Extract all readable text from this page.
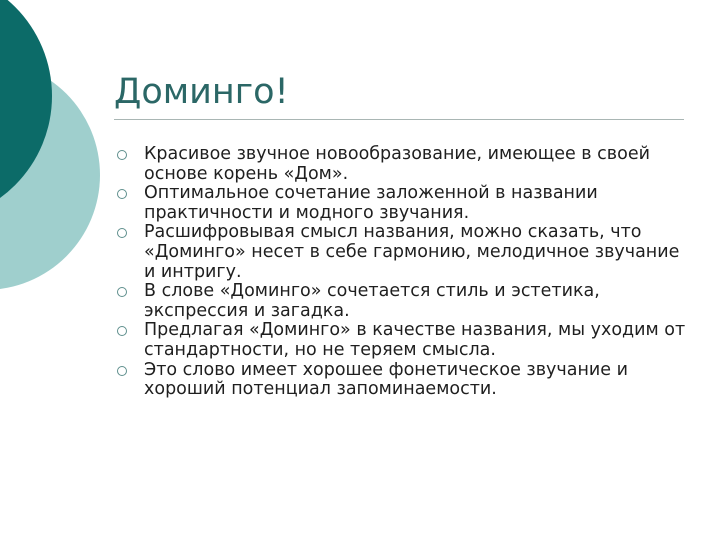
Доминго!
Красивое звучное новообразование, имеющее в своей основе корень «Дом».
Оптимальное сочетание заложенной в названии практичности и модного звучания.
Расшифровывая смысл названия, можно сказать, что «Доминго» несет в себе гармонию, мелодичное звучание и интригу.
В слове «Доминго» сочетается стиль и эстетика, экспрессия и загадка.
Предлагая «Доминго» в качестве названия, мы уходим от стандартности, но не теряем смысла.
Это слово имеет хорошее фонетическое звучание и хороший потенциал запоминаемости.
